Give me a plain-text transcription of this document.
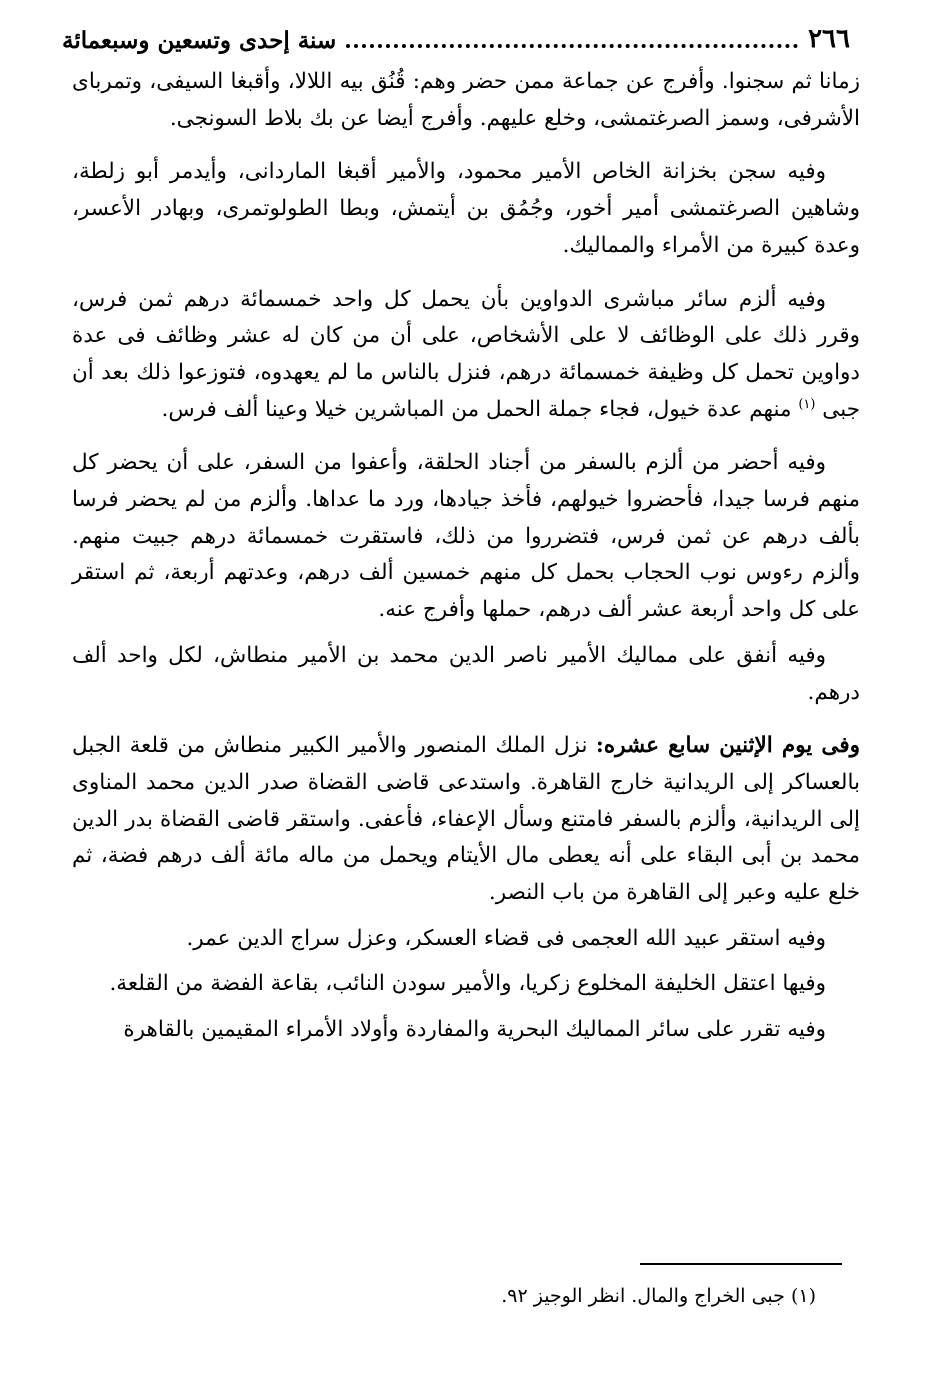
٢٦٦
سنة إحدى وتسعين وسبعمائة

زمانا ثم سجنوا. وأفرج عن جماعة ممن حضر وهم: قُنُق بيه اللالا، وأقبغا السيفى، وتمرباى الأشرفى، وسمز الصرغتمشى، وخلع عليهم. وأفرج أيضا عن بك بلاط السونجى.

وفيه سجن بخزانة الخاص الأمير محمود، والأمير أقبغا الماردانى، وأيدمر أبو زلطة، وشاهين الصرغتمشى أمير أخور، وجُمُق بن أيتمش، وبطا الطولوتمرى، وبهادر الأعسر، وعدة كبيرة من الأمراء والمماليك.

وفيه ألزم سائر مباشرى الدواوين بأن يحمل كل واحد خمسمائة درهم ثمن فرس، وقرر ذلك على الوظائف لا على الأشخاص، على أن من كان له عشر وظائف فى عدة دواوين تحمل كل وظيفة خمسمائة درهم، فنزل بالناس ما لم يعهدوه، فتوزعوا ذلك بعد أن جبى $^{(١)}$ منهم عدة خيول، فجاء جملة الحمل من المباشرين خيلا وعينا ألف فرس.

وفيه أحضر من ألزم بالسفر من أجناد الحلقة، وأعفوا من السفر، على أن يحضر كل منهم فرسا جيدا، فأحضروا خيولهم، فأخذ جيادها، ورد ما عداها. وألزم من لم يحضر فرسا بألف درهم عن ثمن فرس، فتضرروا من ذلك، فاستقرت خمسمائة درهم جبيت منهم. وألزم رءوس نوب الحجاب بحمل كل منهم خمسين ألف درهم، وعدتهم أربعة، ثم استقر على كل واحد أربعة عشر ألف درهم، حملها وأفرج عنه.

وفيه أنفق على مماليك الأمير ناصر الدين محمد بن الأمير منطاش، لكل واحد ألف درهم.

وفى يوم الإثنين سابع عشره: نزل الملك المنصور والأمير الكبير منطاش من قلعة الجبل بالعساكر إلى الريدانية خارج القاهرة. واستدعى قاضى القضاة صدر الدين محمد المناوى إلى الريدانية، وألزم بالسفر فامتنع وسأل الإعفاء، فأعفى. واستقر قاضى القضاة بدر الدين محمد بن أبى البقاء على أنه يعطى مال الأيتام ويحمل من ماله مائة ألف درهم فضة، ثم خلع عليه وعبر إلى القاهرة من باب النصر.

وفيه استقر عبيد الله العجمى فى قضاء العسكر، وعزل سراج الدين عمر.

وفيها اعتقل الخليفة المخلوع زكريا، والأمير سودن النائب، بقاعة الفضة من القلعة.

وفيه تقرر على سائر المماليك البحرية والمفاردة وأولاد الأمراء المقيمين بالقاهرة

(١) جبى الخراج والمال. انظر الوجيز ٩٢.
